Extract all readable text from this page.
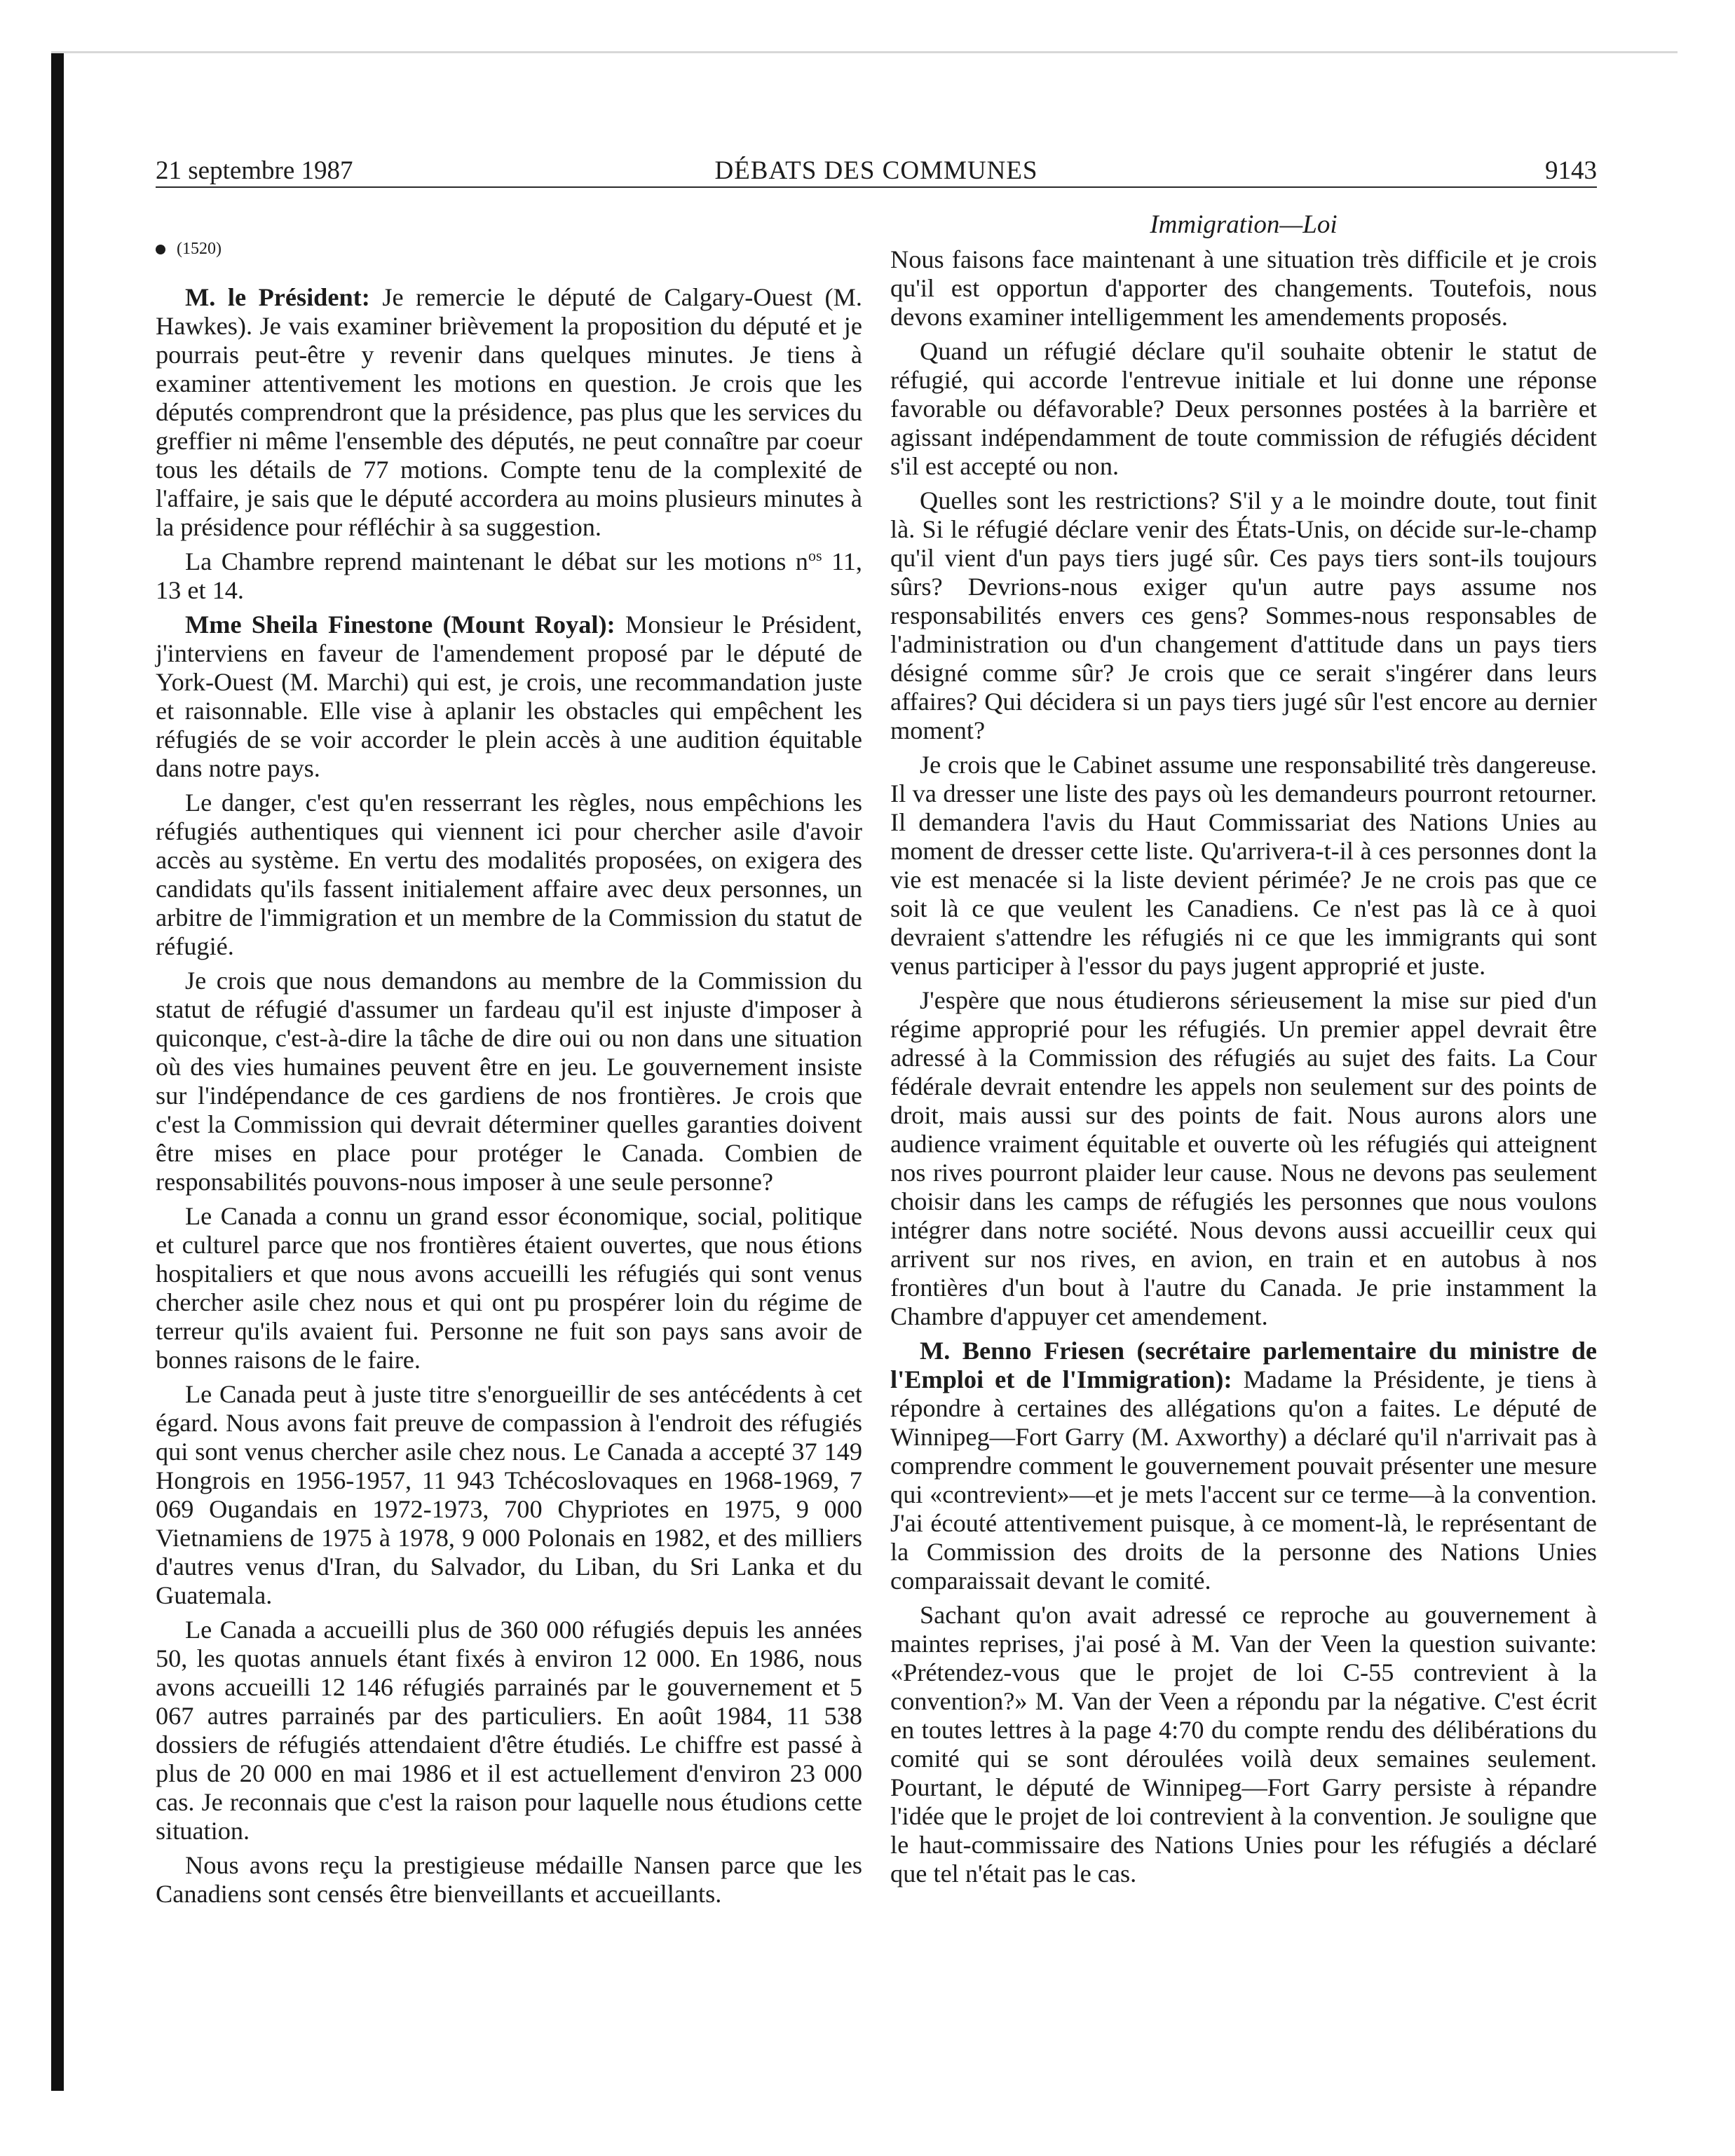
21 septembre 1987	DÉBATS DES COMMUNES	9143
(1520)

M. le Président: Je remercie le député de Calgary-Ouest (M. Hawkes). Je vais examiner brièvement la proposition du député et je pourrais peut-être y revenir dans quelques minutes. Je tiens à examiner attentivement les motions en question. Je crois que les députés comprendront que la présidence, pas plus que les services du greffier ni même l'ensemble des députés, ne peut connaître par coeur tous les détails de 77 motions. Compte tenu de la complexité de l'affaire, je sais que le député accordera au moins plusieurs minutes à la présidence pour réfléchir à sa suggestion.

La Chambre reprend maintenant le débat sur les motions $n^{os}$ 11, 13 et 14.

Mme Sheila Finestone (Mount Royal): Monsieur le Président, j'interviens en faveur de l'amendement proposé par le député de York-Ouest (M. Marchi) qui est, je crois, une recommandation juste et raisonnable. Elle vise à aplanir les obstacles qui empêchent les réfugiés de se voir accorder le plein accès à une audition équitable dans notre pays.

Le danger, c'est qu'en resserrant les règles, nous empêchions les réfugiés authentiques qui viennent ici pour chercher asile d'avoir accès au système. En vertu des modalités proposées, on exigera des candidats qu'ils fassent initialement affaire avec deux personnes, un arbitre de l'immigration et un membre de la Commission du statut de réfugié.

Je crois que nous demandons au membre de la Commission du statut de réfugié d'assumer un fardeau qu'il est injuste d'imposer à quiconque, c'est-à-dire la tâche de dire oui ou non dans une situation où des vies humaines peuvent être en jeu. Le gouvernement insiste sur l'indépendance de ces gardiens de nos frontières. Je crois que c'est la Commission qui devrait déterminer quelles garanties doivent être mises en place pour protéger le Canada. Combien de responsabilités pouvons-nous imposer à une seule personne?

Le Canada a connu un grand essor économique, social, politique et culturel parce que nos frontières étaient ouvertes, que nous étions hospitaliers et que nous avons accueilli les réfugiés qui sont venus chercher asile chez nous et qui ont pu prospérer loin du régime de terreur qu'ils avaient fui. Personne ne fuit son pays sans avoir de bonnes raisons de le faire.

Le Canada peut à juste titre s'enorgueillir de ses antécédents à cet égard. Nous avons fait preuve de compassion à l'endroit des réfugiés qui sont venus chercher asile chez nous. Le Canada a accepté 37 149 Hongrois en 1956-1957, 11 943 Tchécoslovaques en 1968-1969, 7 069 Ougandais en 1972-1973, 700 Chypriotes en 1975, 9 000 Vietnamiens de 1975 à 1978, 9 000 Polonais en 1982, et des milliers d'autres venus d'Iran, du Salvador, du Liban, du Sri Lanka et du Guatemala.

Le Canada a accueilli plus de 360 000 réfugiés depuis les années 50, les quotas annuels étant fixés à environ 12 000. En 1986, nous avons accueilli 12 146 réfugiés parrainés par le gouvernement et 5 067 autres parrainés par des particuliers. En août 1984, 11 538 dossiers de réfugiés attendaient d'être étudiés. Le chiffre est passé à plus de 20 000 en mai 1986 et il est actuellement d'environ 23 000 cas. Je reconnais que c'est la raison pour laquelle nous étudions cette situation.

Nous avons reçu la prestigieuse médaille Nansen parce que les Canadiens sont censés être bienveillants et accueillants.

Immigration—Loi

Nous faisons face maintenant à une situation très difficile et je crois qu'il est opportun d'apporter des changements. Toutefois, nous devons examiner intelligemment les amendements proposés.

Quand un réfugié déclare qu'il souhaite obtenir le statut de réfugié, qui accorde l'entrevue initiale et lui donne une réponse favorable ou défavorable? Deux personnes postées à la barrière et agissant indépendamment de toute commission de réfugiés décident s'il est accepté ou non.

Quelles sont les restrictions? S'il y a le moindre doute, tout finit là. Si le réfugié déclare venir des États-Unis, on décide sur-le-champ qu'il vient d'un pays tiers jugé sûr. Ces pays tiers sont-ils toujours sûrs? Devrions-nous exiger qu'un autre pays assume nos responsabilités envers ces gens? Sommes-nous responsables de l'administration ou d'un changement d'attitude dans un pays tiers désigné comme sûr? Je crois que ce serait s'ingérer dans leurs affaires? Qui décidera si un pays tiers jugé sûr l'est encore au dernier moment?

Je crois que le Cabinet assume une responsabilité très dangereuse. Il va dresser une liste des pays où les demandeurs pourront retourner. Il demandera l'avis du Haut Commissariat des Nations Unies au moment de dresser cette liste. Qu'arrivera-t-il à ces personnes dont la vie est menacée si la liste devient périmée? Je ne crois pas que ce soit là ce que veulent les Canadiens. Ce n'est pas là ce à quoi devraient s'attendre les réfugiés ni ce que les immigrants qui sont venus participer à l'essor du pays jugent approprié et juste.

J'espère que nous étudierons sérieusement la mise sur pied d'un régime approprié pour les réfugiés. Un premier appel devrait être adressé à la Commission des réfugiés au sujet des faits. La Cour fédérale devrait entendre les appels non seulement sur des points de droit, mais aussi sur des points de fait. Nous aurons alors une audience vraiment équitable et ouverte où les réfugiés qui atteignent nos rives pourront plaider leur cause. Nous ne devons pas seulement choisir dans les camps de réfugiés les personnes que nous voulons intégrer dans notre société. Nous devons aussi accueillir ceux qui arrivent sur nos rives, en avion, en train et en autobus à nos frontières d'un bout à l'autre du Canada. Je prie instamment la Chambre d'appuyer cet amendement.

M. Benno Friesen (secrétaire parlementaire du ministre de l'Emploi et de l'Immigration): Madame la Présidente, je tiens à répondre à certaines des allégations qu'on a faites. Le député de Winnipeg—Fort Garry (M. Axworthy) a déclaré qu'il n'arrivait pas à comprendre comment le gouvernement pouvait présenter une mesure qui «contrevient»—et je mets l'accent sur ce terme—à la convention. J'ai écouté attentivement puisque, à ce moment-là, le représentant de la Commission des droits de la personne des Nations Unies comparaissait devant le comité.

Sachant qu'on avait adressé ce reproche au gouvernement à maintes reprises, j'ai posé à M. Van der Veen la question suivante: «Prétendez-vous que le projet de loi C-55 contrevient à la convention?» M. Van der Veen a répondu par la négative. C'est écrit en toutes lettres à la page 4:70 du compte rendu des délibérations du comité qui se sont déroulées voilà deux semaines seulement. Pourtant, le député de Winnipeg—Fort Garry persiste à répandre l'idée que le projet de loi contrevient à la convention. Je souligne que le haut-commissaire des Nations Unies pour les réfugiés a déclaré que tel n'était pas le cas.
